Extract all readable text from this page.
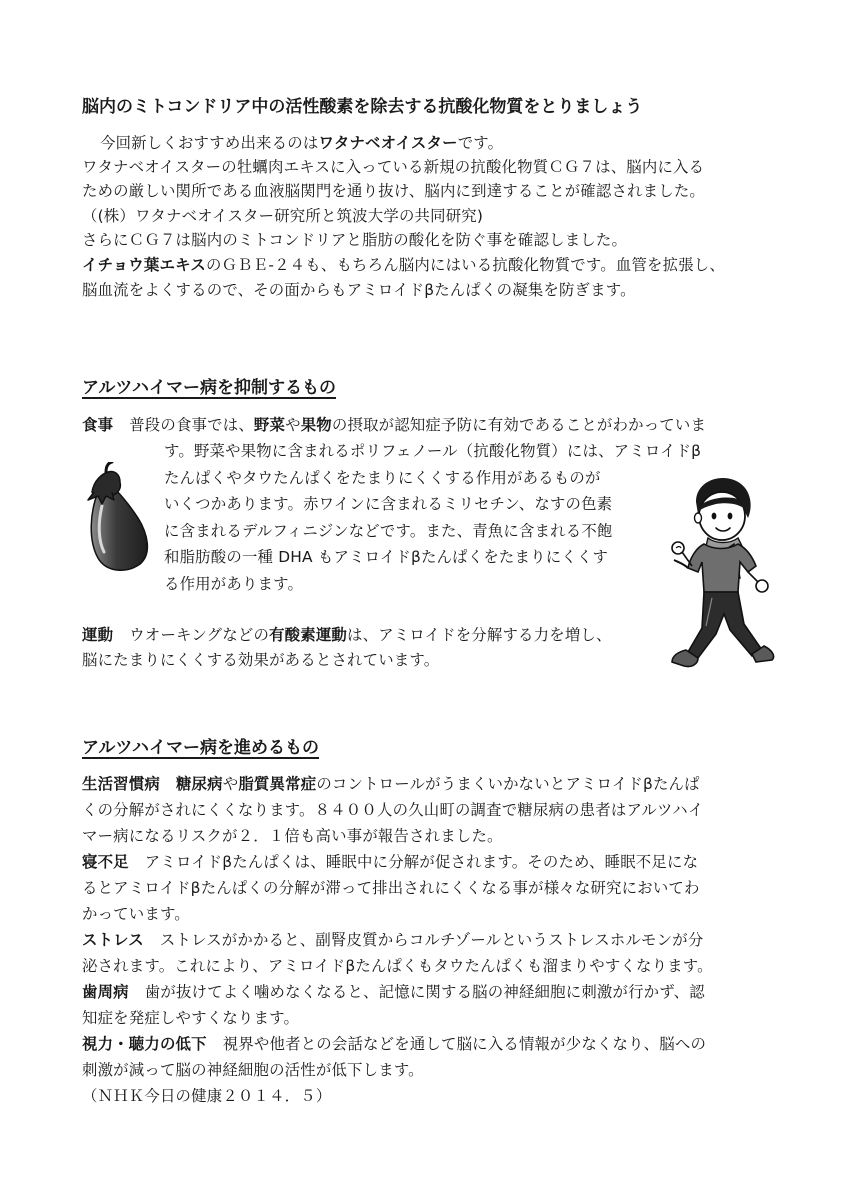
脳内のミトコンドリア中の活性酸素を除去する抗酸化物質をとりましょう
今回新しくおすすめ出来るのはワタナベオイスターです。
ワタナベオイスターの牡蠣肉エキスに入っている新規の抗酸化物質ＣＧ７は、脳内に入る
ための厳しい関所である血液脳関門を通り抜け、脳内に到達することが確認されました。
（(株）ワタナベオイスター研究所と筑波大学の共同研究)
さらにＣＧ７は脳内のミトコンドリアと脂肪の酸化を防ぐ事を確認しました。
イチョウ葉エキスのＧＢＥ-２４も、もちろん脳内にはいる抗酸化物質です。血管を拡張し、
脳血流をよくするので、その面からもアミロイドβたんぱくの凝集を防ぎます。
アルツハイマー病を抑制するもの
食事 普段の食事では、野菜や果物の摂取が認知症予防に有効であることがわかっていま
す。野菜や果物に含まれるポリフェノール（抗酸化物質）には、アミロイドβ
たんぱくやタウたんぱくをたまりにくくする作用があるものが
いくつかあります。赤ワインに含まれるミリセチン、なすの色素
に含まれるデルフィニジンなどです。また、青魚に含まれる不飽
和脂肪酸の一種 DHA もアミロイドβたんぱくをたまりにくくす
る作用があります。
運動 ウオーキングなどの有酸素運動は、アミロイドを分解する力を増し、
脳にたまりにくくする効果があるとされています。
アルツハイマー病を進めるもの
生活習慣病 糖尿病や脂質異常症のコントロールがうまくいかないとアミロイドβたんぱ
くの分解がされにくくなります。８４００人の久山町の調査で糖尿病の患者はアルツハイ
マー病になるリスクが２．１倍も高い事が報告されました。
寝不足 アミロイドβたんぱくは、睡眠中に分解が促されます。そのため、睡眠不足にな
るとアミロイドβたんぱくの分解が滞って排出されにくくなる事が様々な研究においてわ
かっています。
ストレス ストレスがかかると、副腎皮質からコルチゾールというストレスホルモンが分
泌されます。これにより、アミロイドβたんぱくもタウたんぱくも溜まりやすくなります。
歯周病 歯が抜けてよく噛めなくなると、記憶に関する脳の神経細胞に刺激が行かず、認
知症を発症しやすくなります。
視力・聴力の低下 視界や他者との会話などを通して脳に入る情報が少なくなり、脳への
刺激が減って脳の神経細胞の活性が低下します。
（ＮＨＫ今日の健康２０１４．５）
